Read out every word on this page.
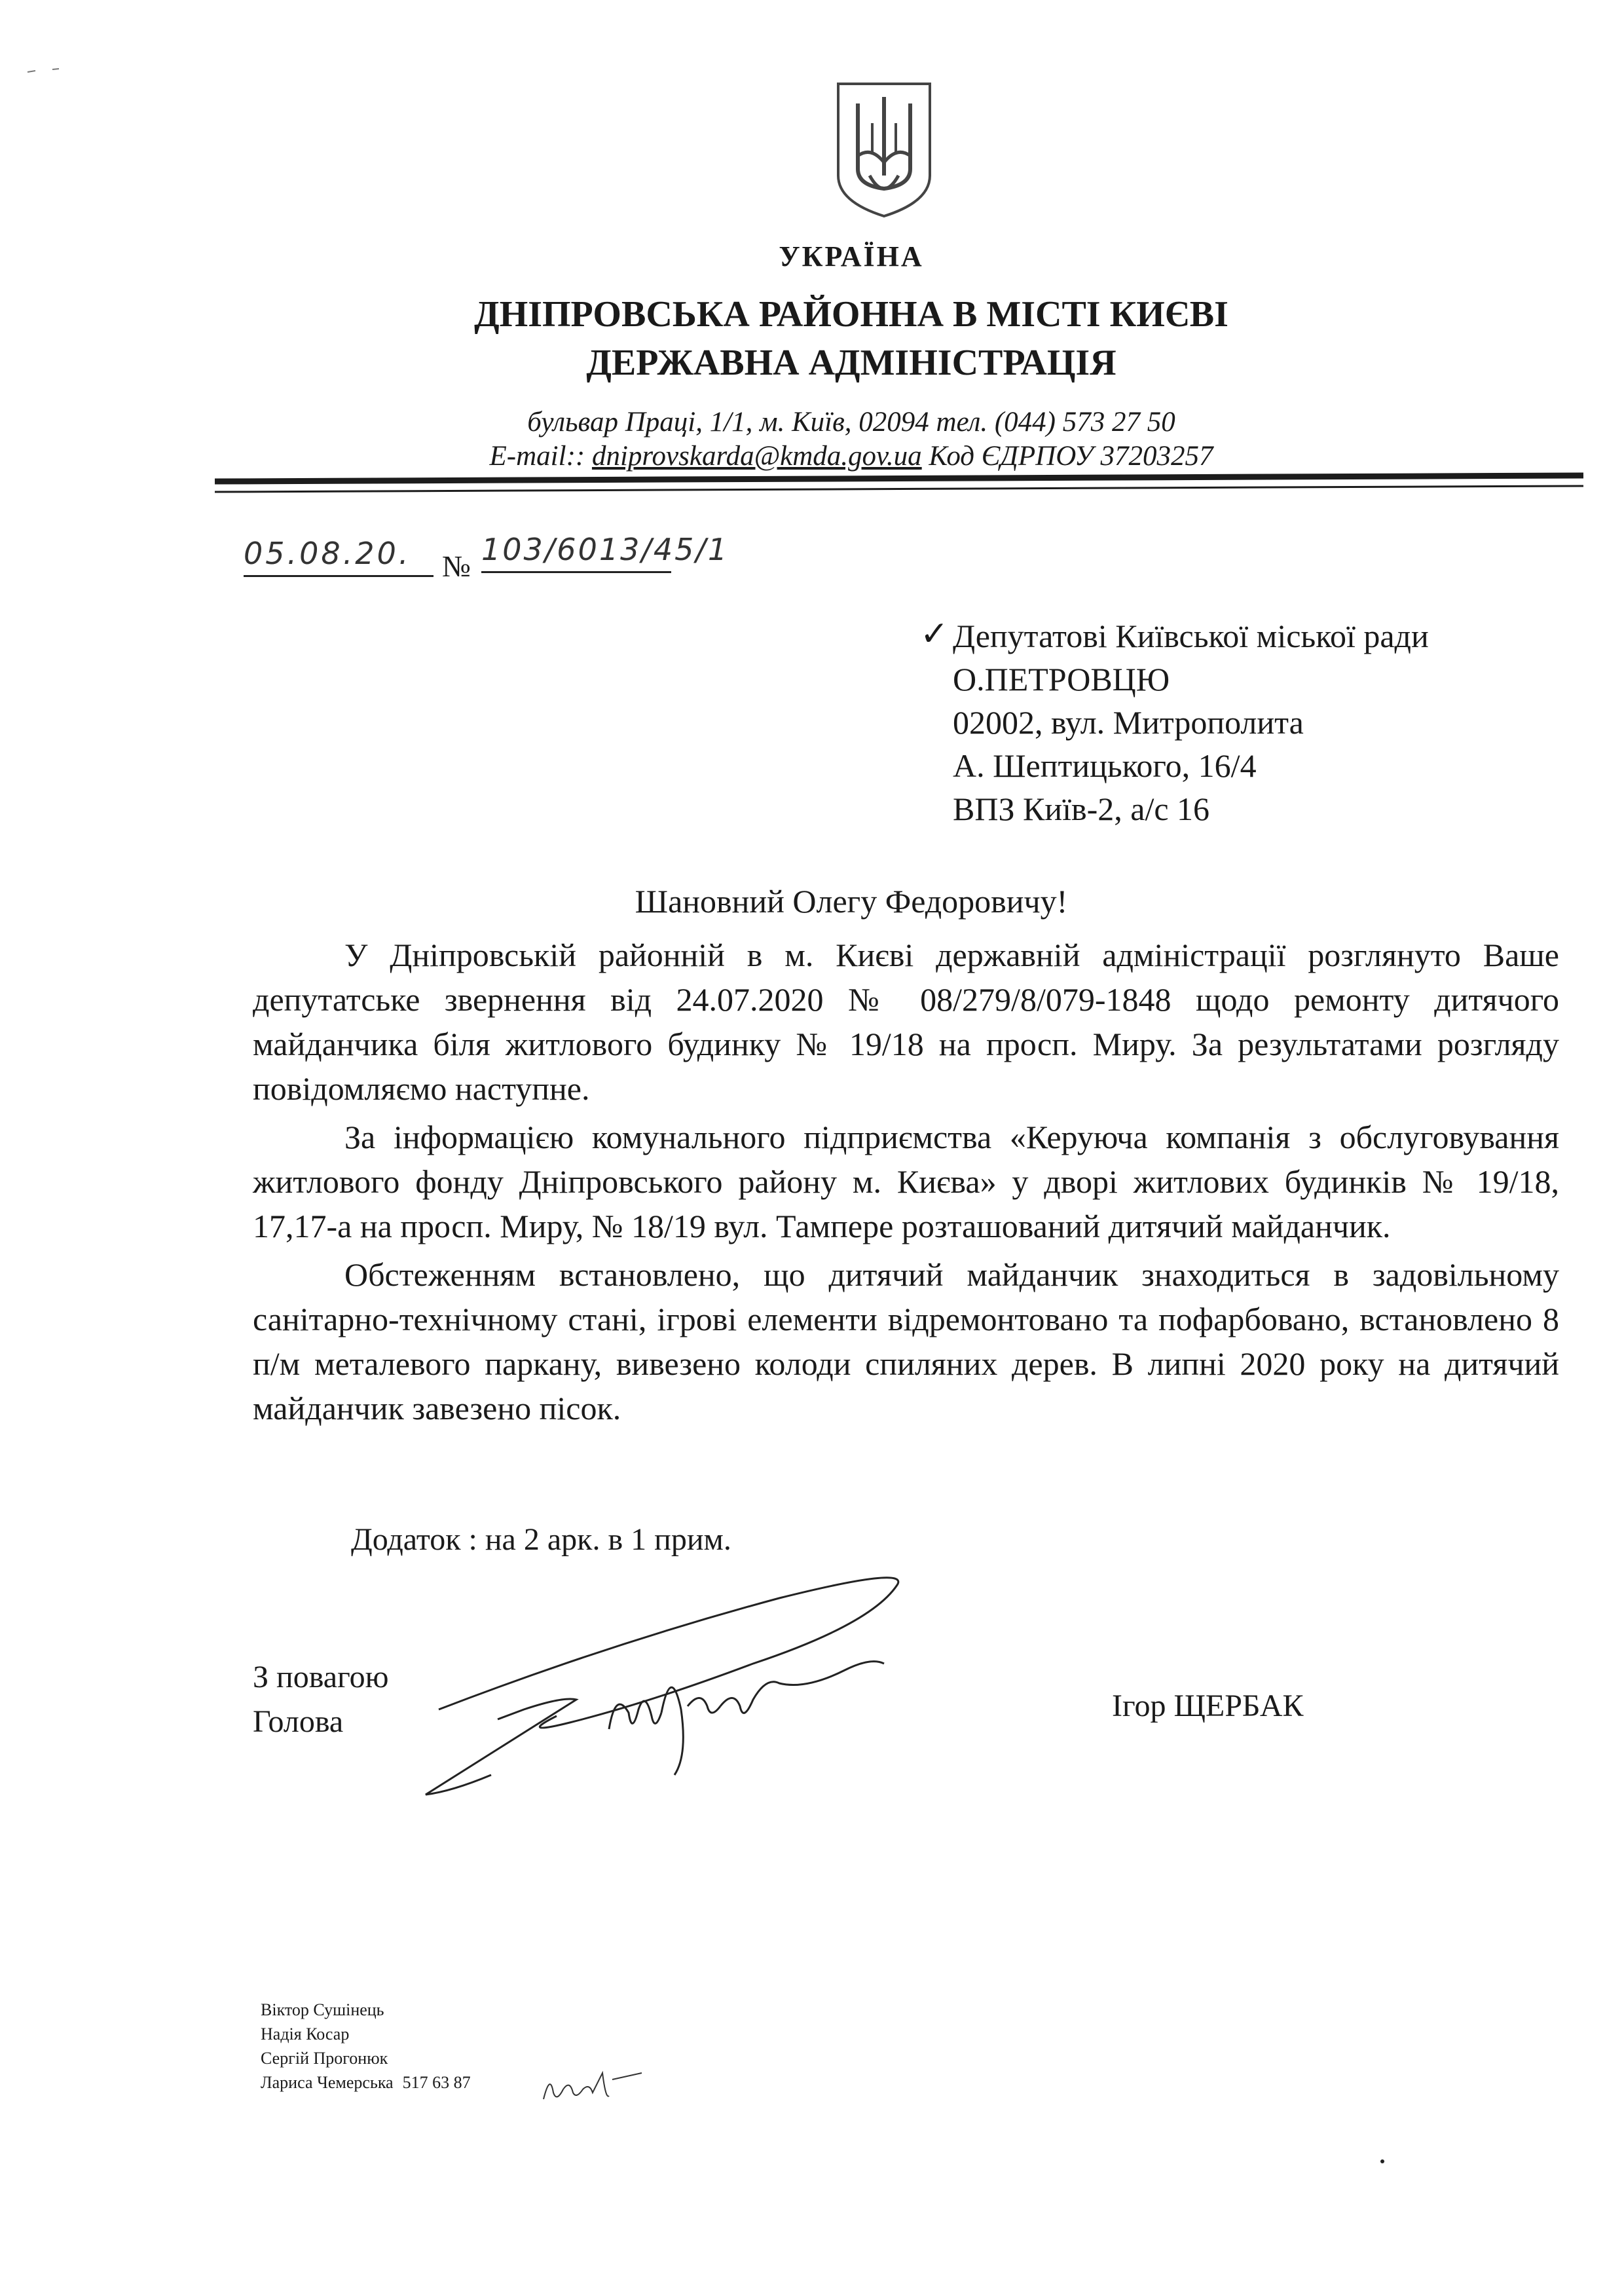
УКРАЇНА
ДНІПРОВСЬКА РАЙОННА В МІСТІ КИЄВІ
ДЕРЖАВНА АДМІНІСТРАЦІЯ
бульвар Праці, 1/1, м. Київ, 02094 тел. (044) 573 27 50
E-mail:: dniprovskarda@kmda.gov.ua Код ЄДРПОУ 37203257
05.08.20.	№ 103/6013/45/1
✓ Депутатові Київської міської ради
О.ПЕТРОВЦЮ
02002, вул. Митрополита
А. Шептицького, 16/4
ВПЗ Київ-2, а/с 16
Шановний Олегу Федоровичу!

У Дніпровській районній в м. Києві державній адміністрації розглянуто Ваше депутатське звернення від 24.07.2020 № 08/279/8/079-1848 щодо ремонту дитячого майданчика біля житлового будинку № 19/18 на просп. Миру. За результатами розгляду повідомляємо наступне.

За інформацією комунального підприємства «Керуюча компанія з обслуговування житлового фонду Дніпровського району м. Києва» у дворі житлових будинків № 19/18, 17,17-а на просп. Миру, № 18/19 вул. Тампере розташований дитячий майданчик.

Обстеженням встановлено, що дитячий майданчик знаходиться в задовільному санітарно-технічному стані, ігрові елементи відремонтовано та пофарбовано, встановлено 8 п/м металевого паркану, вивезено колоди спиляних дерев. В липні 2020 року на дитячий майданчик завезено пісок.

Додаток : на 2 арк. в 1 прим.
З повагою
Голова	Ігор ЩЕРБАК
Віктор Сушінець
Надія Косар
Сергій Прогонюк
Лариса Чемерська 517 63 87
